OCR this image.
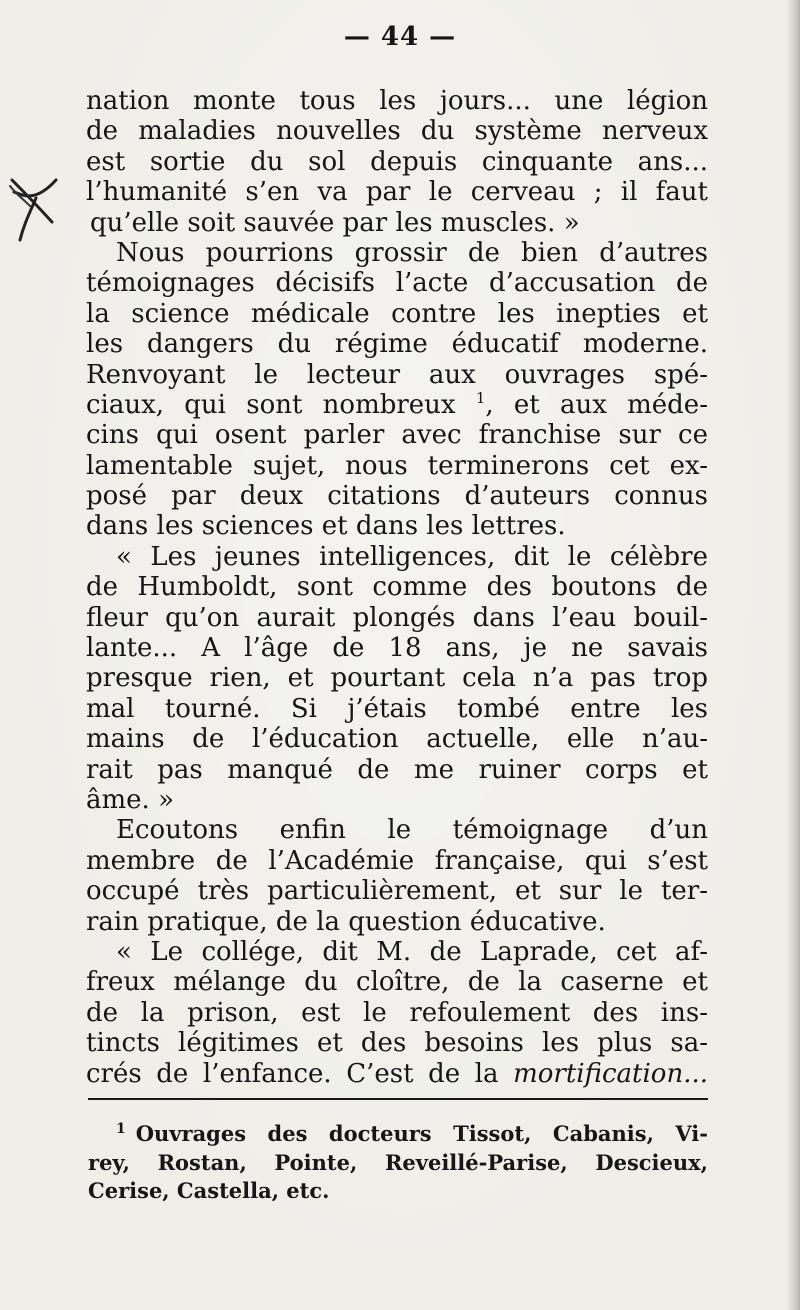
— 44 —
nation monte tous les jours... une légion
de maladies nouvelles du système nerveux
est sortie du sol depuis cinquante ans...
l’humanité s’en va par le cerveau ; il faut
qu’elle soit sauvée par les muscles. »
Nous pourrions grossir de bien d’autres
témoignages décisifs l’acte d’accusation de
la science médicale contre les inepties et
les dangers du régime éducatif moderne.
Renvoyant le lecteur aux ouvrages spé-
ciaux, qui sont nombreux $^1$, et aux méde-
cins qui osent parler avec franchise sur ce
lamentable sujet, nous terminerons cet ex-
posé par deux citations d’auteurs connus
dans les sciences et dans les lettres.
« Les jeunes intelligences, dit le célèbre
de Humboldt, sont comme des boutons de
fleur qu’on aurait plongés dans l’eau bouil-
lante... A l’âge de 18 ans, je ne savais
presque rien, et pourtant cela n’a pas trop
mal tourné. Si j’étais tombé entre les
mains de l’éducation actuelle, elle n’au-
rait pas manqué de me ruiner corps et
âme. »
Ecoutons enfin le témoignage d’un
membre de l’Académie française, qui s’est
occupé très particulièrement, et sur le ter-
rain pratique, de la question éducative.
« Le collége, dit M. de Laprade, cet af-
freux mélange du cloître, de la caserne et
de la prison, est le refoulement des ins-
tincts légitimes et des besoins les plus sa-
crés de l’enfance. C’est de la mortification...
$^1$ Ouvrages des docteurs Tissot, Cabanis, Vi-
rey, Rostan, Pointe, Reveillé-Parise, Descieux,
Cerise, Castella, etc.
